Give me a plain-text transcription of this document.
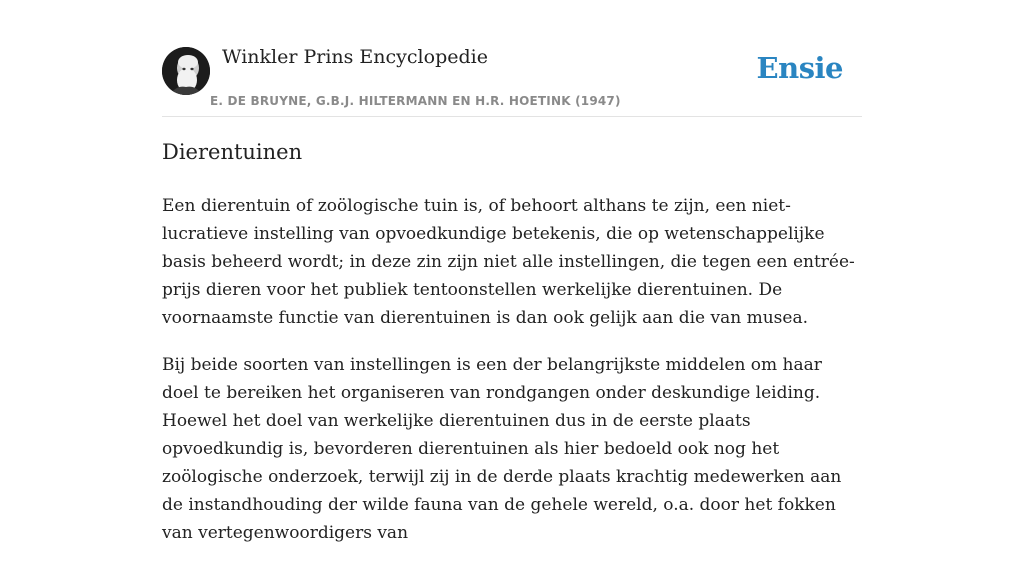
Winkler Prins Encyclopedie
E. DE BRUYNE, G.B.J. HILTERMANN EN H.R. HOETINK (1947)
Ensie
Dierentuinen

Een dierentuin of zoölogische tuin is, of behoort althans te zijn, een niet-lucratieve instelling van opvoedkundige betekenis, die op wetenschappelijke basis beheerd wordt; in deze zin zijn niet alle instellingen, die tegen een entrée-prijs dieren voor het publiek tentoonstellen werkelijke dierentuinen. De voornaamste functie van dierentuinen is dan ook gelijk aan die van musea.

Bij beide soorten van instellingen is een der belangrijkste middelen om haar doel te bereiken het organiseren van rondgangen onder deskundige leiding. Hoewel het doel van werkelijke dierentuinen dus in de eerste plaats opvoedkundig is, bevorderen dierentuinen als hier bedoeld ook nog het zoölogische onderzoek, terwijl zij in de derde plaats krachtig medewerken aan de instandhouding der wilde fauna van de gehele wereld, o.a. door het fokken van vertegenwoordigers van
